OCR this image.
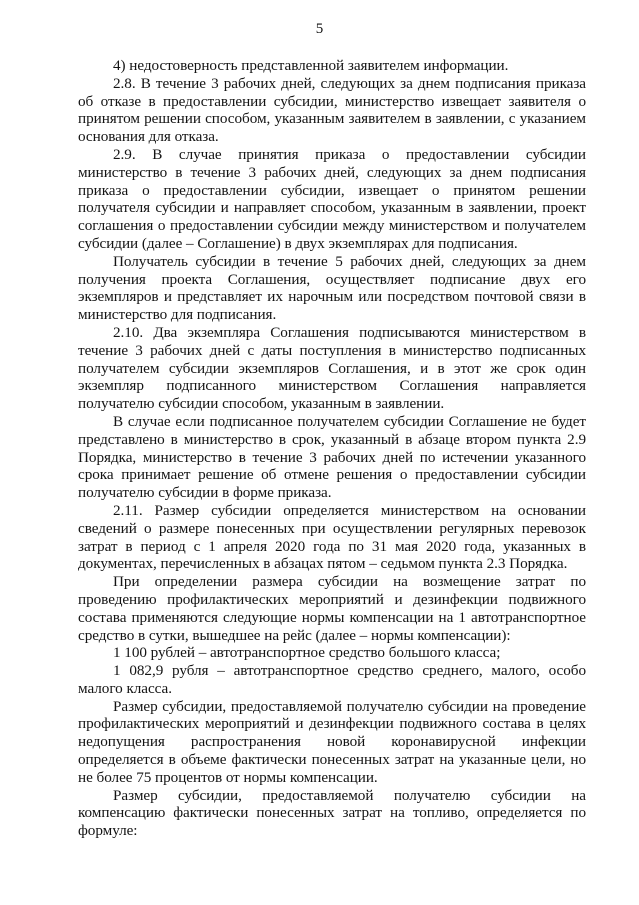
5

4) недостоверность представленной заявителем информации.

2.8. В течение 3 рабочих дней, следующих за днем подписания приказа об отказе в предоставлении субсидии, министерство извещает заявителя о принятом решении способом, указанным заявителем в заявлении, с указанием основания для отказа.

2.9. В случае принятия приказа о предоставлении субсидии министерство в течение 3 рабочих дней, следующих за днем подписания приказа о предоставлении субсидии, извещает о принятом решении получателя субсидии и направляет способом, указанным в заявлении, проект соглашения о предоставлении субсидии между министерством и получателем субсидии (далее – Соглашение) в двух экземплярах для подписания.

Получатель субсидии в течение 5 рабочих дней, следующих за днем получения проекта Соглашения, осуществляет подписание двух его экземпляров и представляет их нарочным или посредством почтовой связи в министерство для подписания.

2.10. Два экземпляра Соглашения подписываются министерством в течение 3 рабочих дней с даты поступления в министерство подписанных получателем субсидии экземпляров Соглашения, и в этот же срок один экземпляр подписанного министерством Соглашения направляется получателю субсидии способом, указанным в заявлении.

В случае если подписанное получателем субсидии Соглашение не будет представлено в министерство в срок, указанный в абзаце втором пункта 2.9 Порядка, министерство в течение 3 рабочих дней по истечении указанного срока принимает решение об отмене решения о предоставлении субсидии получателю субсидии в форме приказа.

2.11. Размер субсидии определяется министерством на основании сведений о размере понесенных при осуществлении регулярных перевозок затрат в период с 1 апреля 2020 года по 31 мая 2020 года, указанных в документах, перечисленных в абзацах пятом – седьмом пункта 2.3 Порядка.

При определении размера субсидии на возмещение затрат по проведению профилактических мероприятий и дезинфекции подвижного состава применяются следующие нормы компенсации на 1 автотранспортное средство в сутки, вышедшее на рейс (далее – нормы компенсации):

1 100 рублей – автотранспортное средство большого класса;

1 082,9 рубля – автотранспортное средство среднего, малого, особо малого класса.

Размер субсидии, предоставляемой получателю субсидии на проведение профилактических мероприятий и дезинфекции подвижного состава в целях недопущения распространения новой коронавирусной инфекции определяется в объеме фактически понесенных затрат на указанные цели, но не более 75 процентов от нормы компенсации.

Размер субсидии, предоставляемой получателю субсидии на компенсацию фактически понесенных затрат на топливо, определяется по формуле:
